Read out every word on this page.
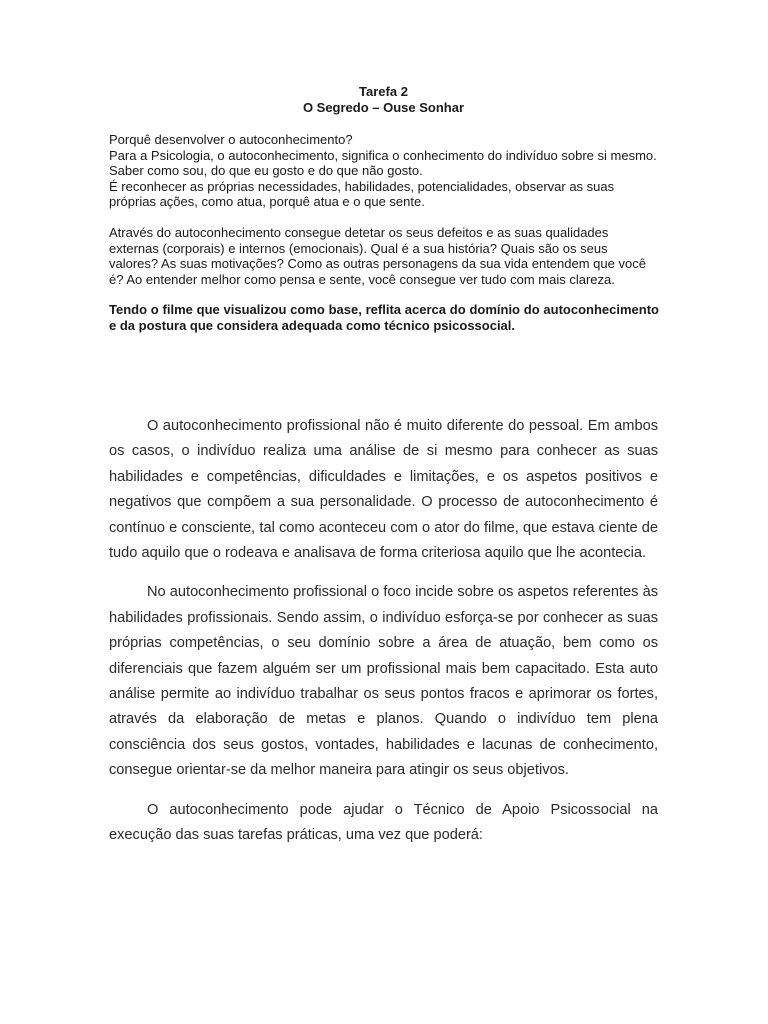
Tarefa 2
O Segredo – Ouse Sonhar

Porquê desenvolver o autoconhecimento?

Para a Psicologia, o autoconhecimento, significa o conhecimento do indivíduo sobre si mesmo.

Saber como sou, do que eu gosto e do que não gosto.

É reconhecer as próprias necessidades, habilidades, potencialidades, observar as suas próprias ações, como atua, porquê atua e o que sente.

Através do autoconhecimento consegue detetar os seus defeitos e as suas qualidades externas (corporais) e internos (emocionais). Qual é a sua história? Quais são os seus valores? As suas motivações? Como as outras personagens da sua vida entendem que você é? Ao entender melhor como pensa e sente, você consegue ver tudo com mais clareza.

Tendo o filme que visualizou como base, reflita acerca do domínio do autoconhecimento e da postura que considera adequada como técnico psicossocial.

O autoconhecimento profissional não é muito diferente do pessoal. Em ambos os casos, o indivíduo realiza uma análise de si mesmo para conhecer as suas habilidades e competências, dificuldades e limitações, e os aspetos positivos e negativos que compõem a sua personalidade. O processo de autoconhecimento é contínuo e consciente, tal como aconteceu com o ator do filme, que estava ciente de tudo aquilo que o rodeava e analisava de forma criteriosa aquilo que lhe acontecia.

No autoconhecimento profissional o foco incide sobre os aspetos referentes às habilidades profissionais. Sendo assim, o indivíduo esforça-se por conhecer as suas próprias competências, o seu domínio sobre a área de atuação, bem como os diferenciais que fazem alguém ser um profissional mais bem capacitado. Esta auto análise permite ao indivíduo trabalhar os seus pontos fracos e aprimorar os fortes, através da elaboração de metas e planos. Quando o indivíduo tem plena consciência dos seus gostos, vontades, habilidades e lacunas de conhecimento, consegue orientar-se da melhor maneira para atingir os seus objetivos.

O autoconhecimento pode ajudar o Técnico de Apoio Psicossocial na execução das suas tarefas práticas, uma vez que poderá:
